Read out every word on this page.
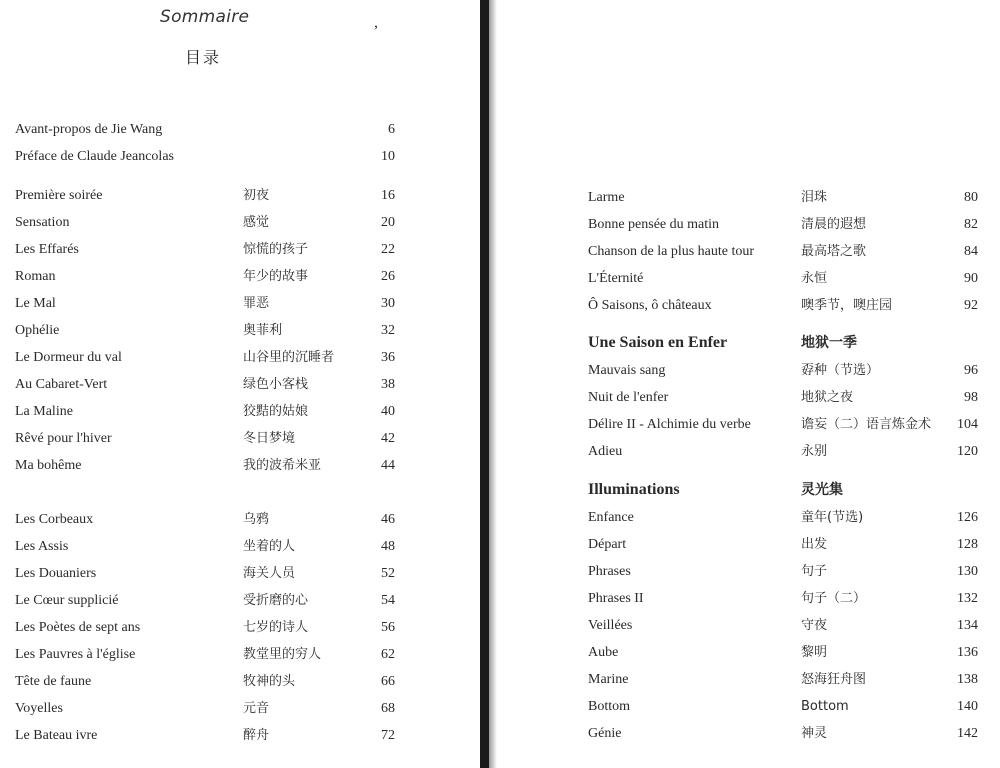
Sommaire	,
目录
Avant-propos de Jie Wang	6
Préface de Claude Jeancolas	10
Première soirée	初夜	16
Sensation	感觉	20
Les Effarés	惊慌的孩子	22
Roman	年少的故事	26
Le Mal	罪恶	30
Ophélie	奥菲利	32
Le Dormeur du val	山谷里的沉睡者	36
Au Cabaret-Vert	绿色小客栈	38
La Maline	狡黠的姑娘	40
Rêvé pour l'hiver	冬日梦境	42
Ma bohême	我的波希米亚	44
Les Corbeaux	乌鸦	46
Les Assis	坐着的人	48
Les Douaniers	海关人员	52
Le Cœur supplicié	受折磨的心	54
Les Poètes de sept ans	七岁的诗人	56
Les Pauvres à l'église	教堂里的穷人	62
Tête de faune	牧神的头	66
Voyelles	元音	68
Le Bateau ivre	醉舟	72
Larme	泪珠	80
Bonne pensée du matin	清晨的遐想	82
Chanson de la plus haute tour	最高塔之歌	84
L'Éternité	永恒	90
Ô Saisons, ô châteaux	噢季节，噢庄园	92
Une Saison en Enfer	地狱一季
Mauvais sang	孬种（节选）	96
Nuit de l'enfer	地狱之夜	98
Délire II - Alchimie du verbe	谵妄（二）语言炼金术	104
Adieu	永别	120
Illuminations	灵光集
Enfance	童年(节选)	126
Départ	出发	128
Phrases	句子	130
Phrases II	句子（二）	132
Veillées	守夜	134
Aube	黎明	136
Marine	怒海狂舟图	138
Bottom	Bottom	140
Génie	神灵	142
